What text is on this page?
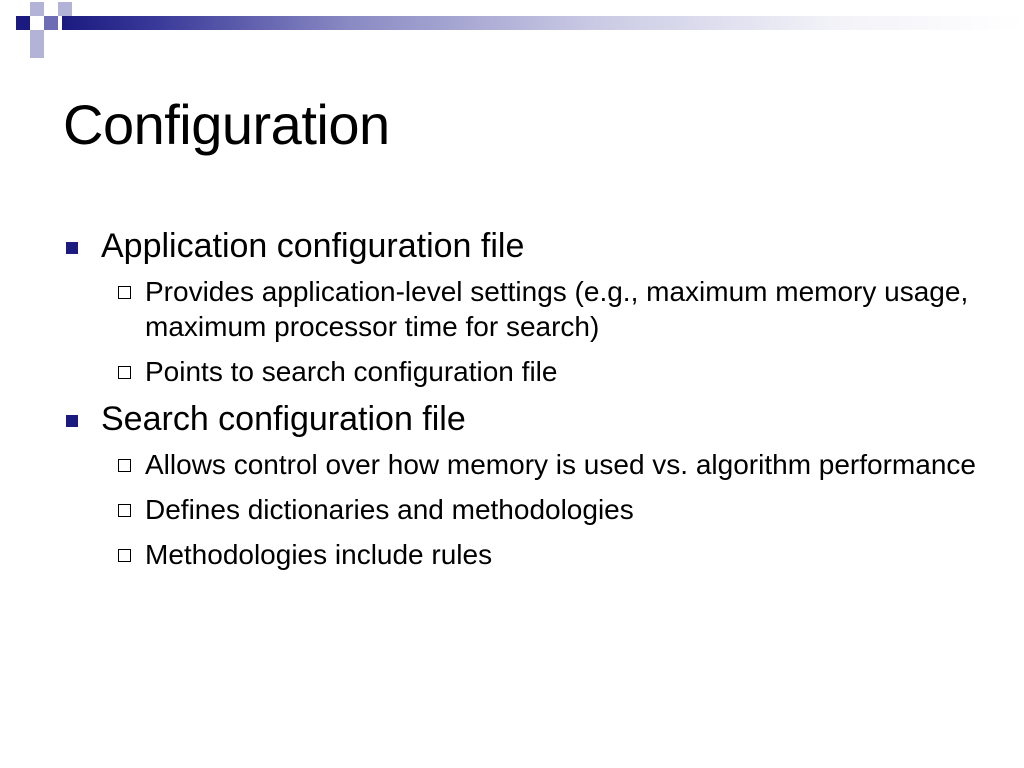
Configuration
Application configuration file
Provides application-level settings (e.g., maximum memory usage, maximum processor time for search)
Points to search configuration file
Search configuration file
Allows control over how memory is used vs. algorithm performance
Defines dictionaries and methodologies
Methodologies include rules
